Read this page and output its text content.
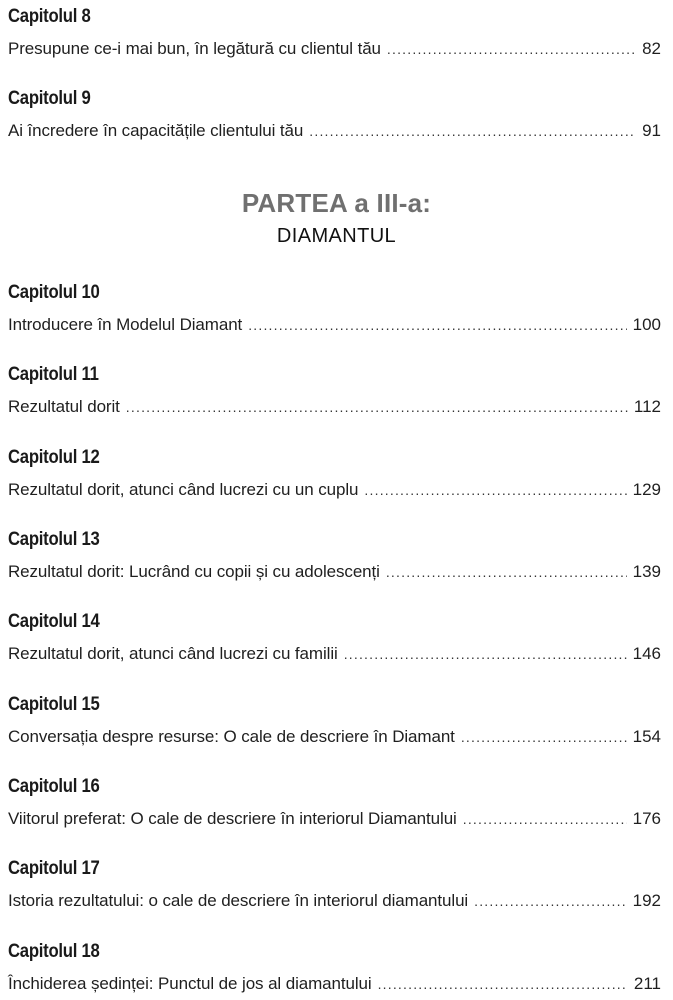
Capitolul 8
Presupune ce-i mai bun, în legătură cu clientul tău .....	82
Capitolul 9
Ai încredere în capacitățile clientului tău .....	91
PARTEA a III-a:
DIAMANTUL
Capitolul 10
Introducere în Modelul Diamant .....	100
Capitolul 11
Rezultatul dorit .....	112
Capitolul 12
Rezultatul dorit, atunci când lucrezi cu un cuplu .....	129
Capitolul 13
Rezultatul dorit: Lucrând cu copii și cu adolescenți .....	139
Capitolul 14
Rezultatul dorit, atunci când lucrezi cu familii .....	146
Capitolul 15
Conversația despre resurse: O cale de descriere în Diamant .....	154
Capitolul 16
Viitorul preferat: O cale de descriere în interiorul Diamantului .....	176
Capitolul 17
Istoria rezultatului: o cale de descriere în interiorul diamantului .....	192
Capitolul 18
Închiderea ședinței: Punctul de jos al diamantului .....	211
